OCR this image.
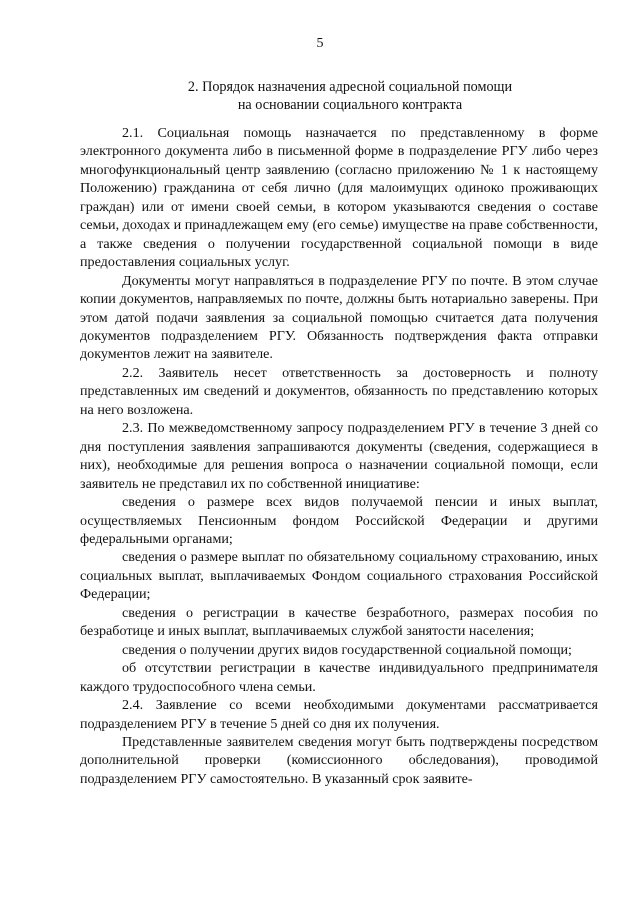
5
2. Порядок назначения адресной социальной помощи
на основании социального контракта

2.1. Социальная помощь назначается по представленному в форме электронного документа либо в письменной форме в подразделение РГУ либо через многофункциональный центр заявлению (согласно приложению № 1 к настоящему Положению) гражданина от себя лично (для малоимущих одиноко проживающих граждан) или от имени своей семьи, в котором указываются сведения о составе семьи, доходах и принадлежащем ему (его семье) имуществе на праве собственности, а также сведения о получении государственной социальной помощи в виде предоставления социальных услуг.

Документы могут направляться в подразделение РГУ по почте. В этом случае копии документов, направляемых по почте, должны быть нотариально заверены. При этом датой подачи заявления за социальной помощью считается дата получения документов подразделением РГУ. Обязанность подтверждения факта отправки документов лежит на заявителе.

2.2. Заявитель несет ответственность за достоверность и полноту представленных им сведений и документов, обязанность по представлению которых на него возложена.

2.3. По межведомственному запросу подразделением РГУ в течение 3 дней со дня поступления заявления запрашиваются документы (сведения, содержащиеся в них), необходимые для решения вопроса о назначении социальной помощи, если заявитель не представил их по собственной инициативе:

сведения о размере всех видов получаемой пенсии и иных выплат, осуществляемых Пенсионным фондом Российской Федерации и другими федеральными органами;

сведения о размере выплат по обязательному социальному страхованию, иных социальных выплат, выплачиваемых Фондом социального страхования Российской Федерации;

сведения о регистрации в качестве безработного, размерах пособия по безработице и иных выплат, выплачиваемых службой занятости населения;

сведения о получении других видов государственной социальной помощи;

об отсутствии регистрации в качестве индивидуального предпринимателя каждого трудоспособного члена семьи.

2.4. Заявление со всеми необходимыми документами рассматривается подразделением РГУ в течение 5 дней со дня их получения.

Представленные заявителем сведения могут быть подтверждены посредством дополнительной проверки (комиссионного обследования), проводимой подразделением РГУ самостоятельно. В указанный срок заявите-
